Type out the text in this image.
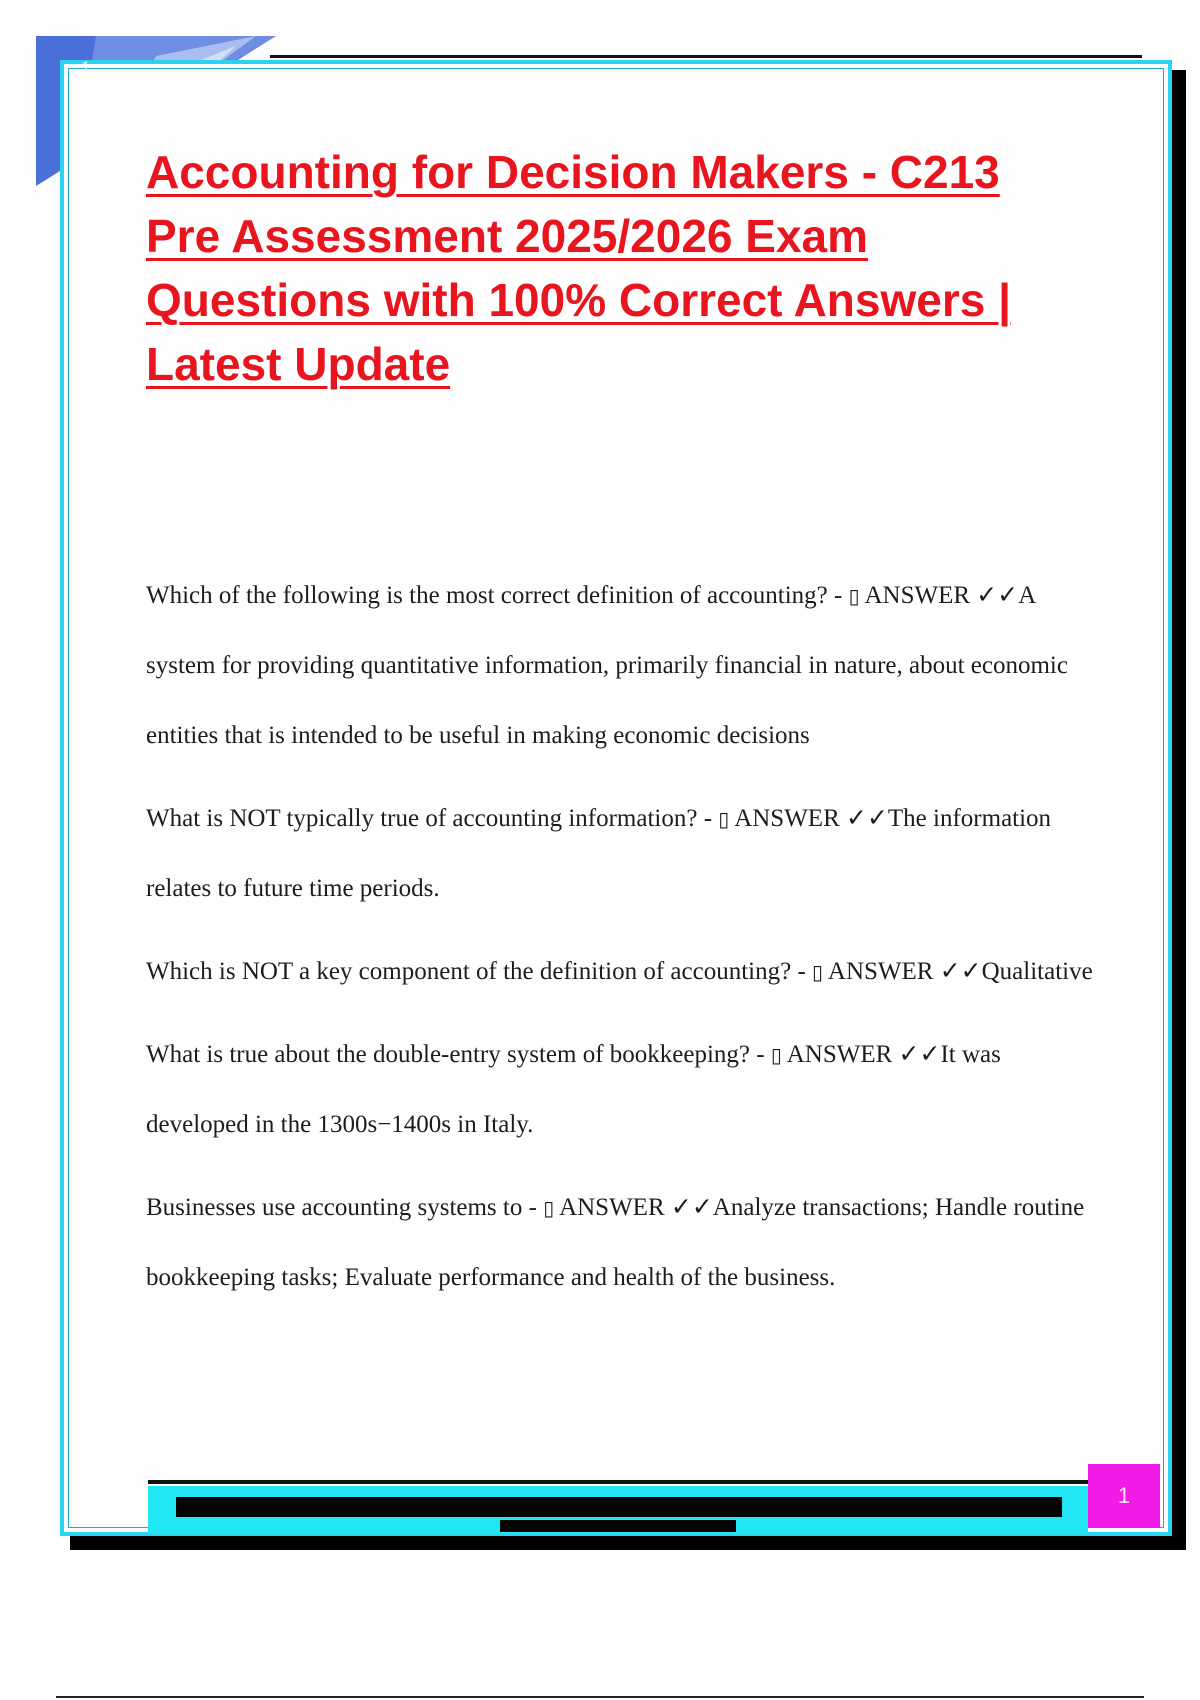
1
Accounting for Decision Makers - C213 Pre Assessment 2025/2026 Exam Questions with 100% Correct Answers | Latest Update

Which of the following is the most correct definition of accounting? - ▯ ANSWER ✓✓A system for providing quantitative information, primarily financial in nature, about economic entities that is intended to be useful in making economic decisions

What is NOT typically true of accounting information? - ▯ ANSWER ✓✓The information relates to future time periods.

Which is NOT a key component of the definition of accounting? - ▯ ANSWER ✓✓Qualitative

What is true about the double-entry system of bookkeeping? - ▯ ANSWER ✓✓It was developed in the 1300s−1400s in Italy.

Businesses use accounting systems to - ▯ ANSWER ✓✓Analyze transactions; Handle routine bookkeeping tasks; Evaluate performance and health of the business.

1
